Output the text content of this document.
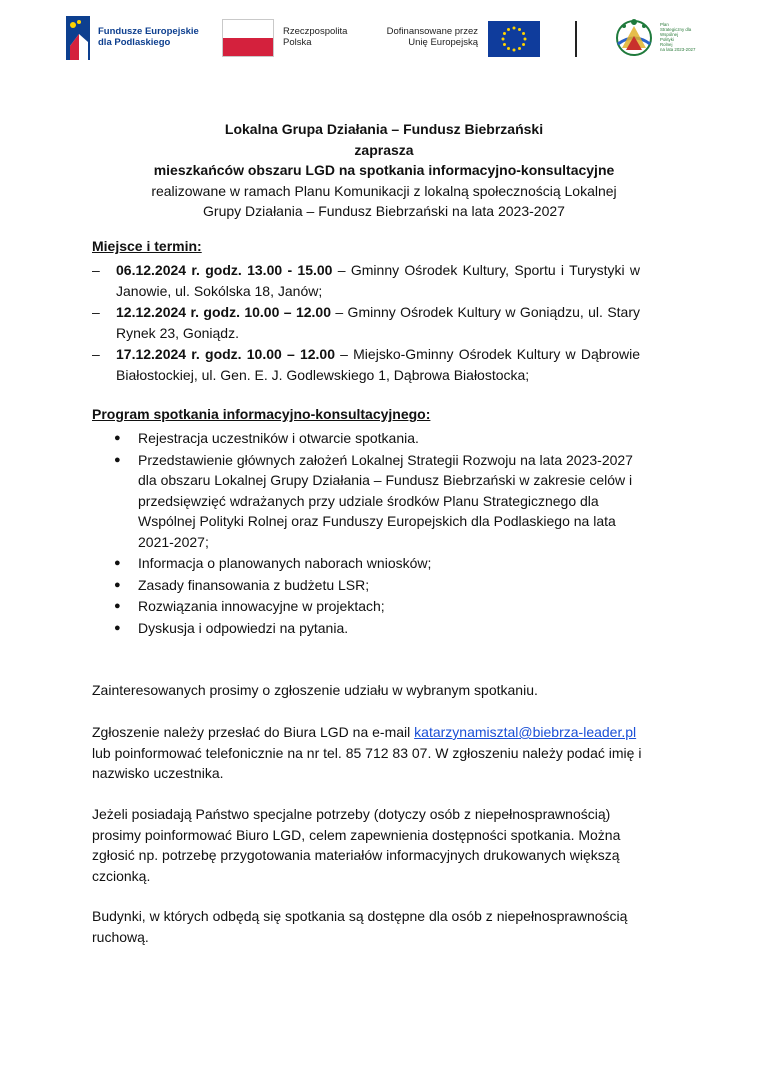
Fundusze Europejskie
dla Podlaskiego
Rzeczpospolita
Polska
Dofinansowane przez
Unię Europejską
Plan
Strategiczny dla
Wspólnej
Polityki
Rolnej
na lata 2023-2027
Lokalna Grupa Działania – Fundusz Biebrzański
zaprasza
mieszkańców obszaru LGD na spotkania informacyjno-konsultacyjne
realizowane w ramach Planu Komunikacji z lokalną społecznością Lokalnej
Grupy Działania – Fundusz Biebrzański na lata 2023-2027
Miejsce i termin:
– 06.12.2024 r. godz. 13.00 - 15.00 – Gminny Ośrodek Kultury, Sportu i Turystyki w Janowie, ul. Sokólska 18, Janów;
– 12.12.2024 r. godz. 10.00 – 12.00 – Gminny Ośrodek Kultury w Goniądzu, ul. Stary Rynek 23, Goniądz.
– 17.12.2024 r. godz. 10.00 – 12.00 – Miejsko-Gminny Ośrodek Kultury w Dąbrowie Białostockiej, ul. Gen. E. J. Godlewskiego 1, Dąbrowa Białostocka;
Program spotkania informacyjno-konsultacyjnego:
● Rejestracja uczestników i otwarcie spotkania.
● Przedstawienie głównych założeń Lokalnej Strategii Rozwoju na lata 2023-2027 dla obszaru Lokalnej Grupy Działania – Fundusz Biebrzański w zakresie celów i przedsięwzięć wdrażanych przy udziale środków Planu Strategicznego dla Wspólnej Polityki Rolnej oraz Funduszy Europejskich dla Podlaskiego na lata 2021-2027;
● Informacja o planowanych naborach wniosków;
● Zasady finansowania z budżetu LSR;
● Rozwiązania innowacyjne w projektach;
● Dyskusja i odpowiedzi na pytania.
Zainteresowanych prosimy o zgłoszenie udziału w wybranym spotkaniu.
Zgłoszenie należy przesłać do Biura LGD na e-mail katarzynamisztal@biebrza-leader.pl lub poinformować telefonicznie na nr tel. 85 712 83 07. W zgłoszeniu należy podać imię i nazwisko uczestnika.
Jeżeli posiadają Państwo specjalne potrzeby (dotyczy osób z niepełnosprawnością) prosimy poinformować Biuro LGD, celem zapewnienia dostępności spotkania. Można zgłosić np. potrzebę przygotowania materiałów informacyjnych drukowanych większą czcionką.
Budynki, w których odbędą się spotkania są dostępne dla osób z niepełnosprawnością ruchową.
